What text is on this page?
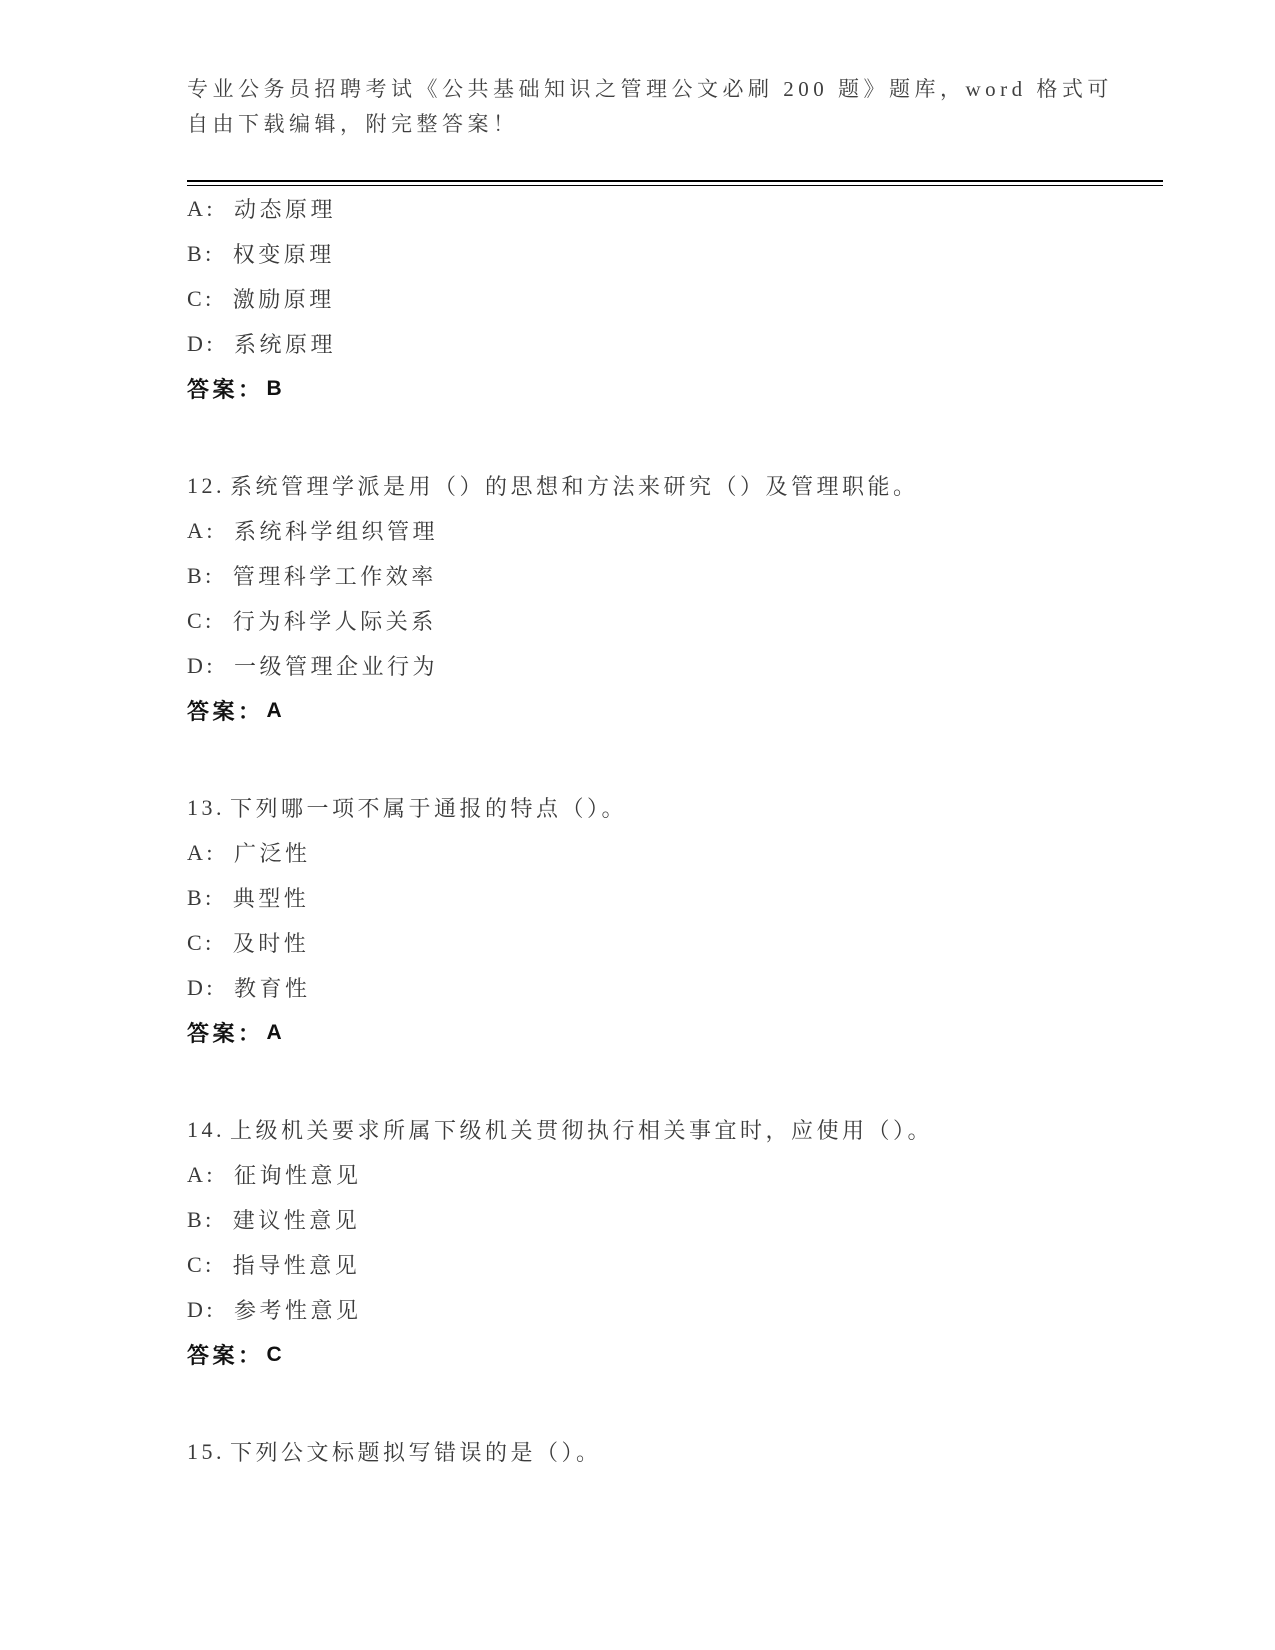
专业公务员招聘考试《公共基础知识之管理公文必刷 200 题》题库，word 格式可

自由下载编辑，附完整答案！

A: 动态原理
B: 权变原理
C: 激励原理
D: 系统原理
答案： B
12. 系统管理学派是用（）的思想和方法来研究（）及管理职能。
A: 系统科学组织管理
B: 管理科学工作效率
C: 行为科学人际关系
D: 一级管理企业行为
答案： A
13. 下列哪一项不属于通报的特点（）。
A: 广泛性
B: 典型性
C: 及时性
D: 教育性
答案： A
14. 上级机关要求所属下级机关贯彻执行相关事宜时，应使用（）。
A: 征询性意见
B: 建议性意见
C: 指导性意见
D: 参考性意见
答案： C
15. 下列公文标题拟写错误的是（）。
